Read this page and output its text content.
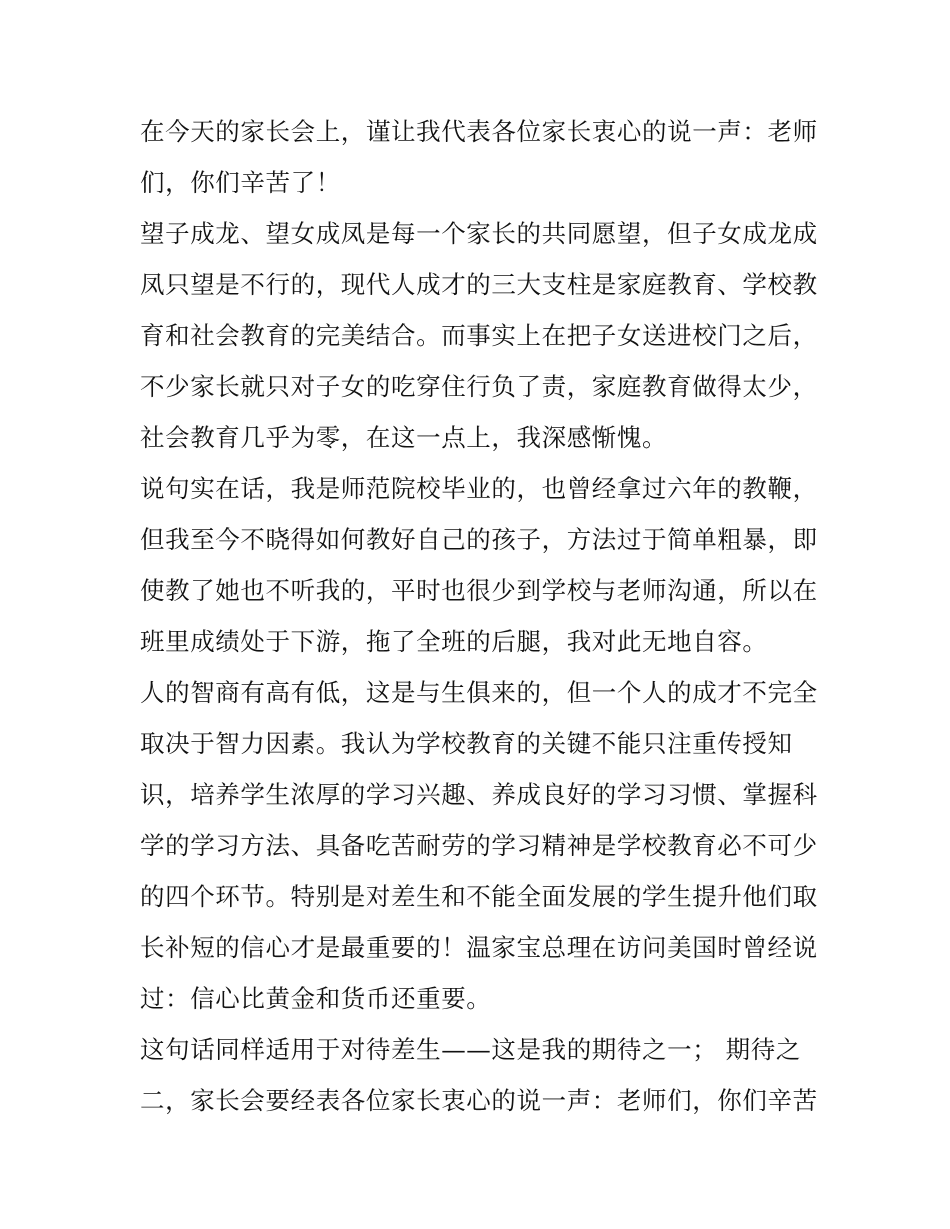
在今天的家长会上，谨让我代表各位家长衷心的说一声：老师
们，你们辛苦了！
望子成龙、望女成凤是每一个家长的共同愿望，但子女成龙成
凤只望是不行的，现代人成才的三大支柱是家庭教育、学校教
育和社会教育的完美结合。而事实上在把子女送进校门之后，
不少家长就只对子女的吃穿住行负了责，家庭教育做得太少，
社会教育几乎为零，在这一点上，我深感惭愧。
说句实在话，我是师范院校毕业的，也曾经拿过六年的教鞭，
但我至今不晓得如何教好自己的孩子，方法过于简单粗暴，即
使教了她也不听我的，平时也很少到学校与老师沟通，所以在
班里成绩处于下游，拖了全班的后腿，我对此无地自容。
人的智商有高有低，这是与生俱来的，但一个人的成才不完全
取决于智力因素。我认为学校教育的关键不能只注重传授知
识，培养学生浓厚的学习兴趣、养成良好的学习习惯、掌握科
学的学习方法、具备吃苦耐劳的学习精神是学校教育必不可少
的四个环节。特别是对差生和不能全面发展的学生提升他们取
长补短的信心才是最重要的！温家宝总理在访问美国时曾经说
过：信心比黄金和货币还重要。
这句话同样适用于对待差生——这是我的期待之一； 期待之
二，家长会要经表各位家长衷心的说一声：老师们，你们辛苦
